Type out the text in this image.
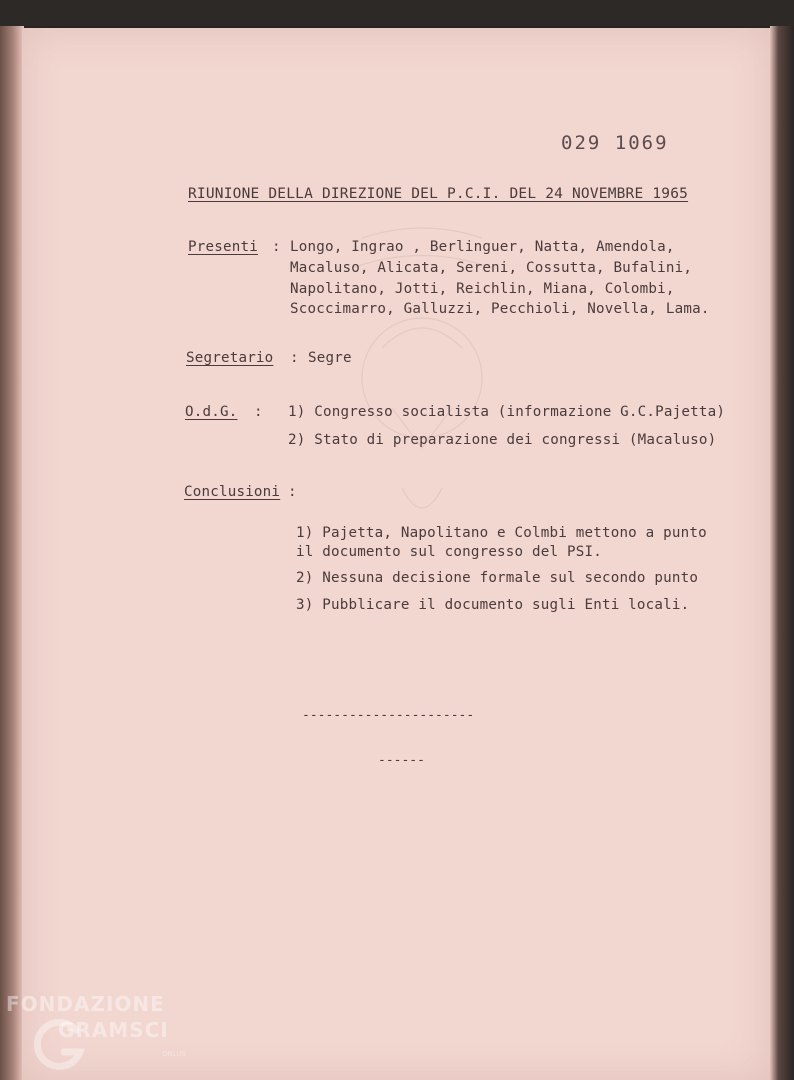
029 1069
RIUNIONE DELLA DIREZIONE DEL P.C.I. DEL 24 NOVEMBRE 1965
Presenti : Longo, Ingrao , Berlinguer, Natta, Amendola,
Macaluso, Alicata, Sereni, Cossutta, Bufalini,
Napolitano, Jotti, Reichlin, Miana, Colombi,
Scoccimarro, Galluzzi, Pecchioli, Novella, Lama.
Segretario : Segre
O.d.G. : 1) Congresso socialista (informazione G.C.Pajetta)
2) Stato di preparazione dei congressi (Macaluso)
Conclusioni :
1) Pajetta, Napolitano e Colmbi mettono a punto
il documento sul congresso del PSI.
2) Nessuna decisione formale sul secondo punto
3) Pubblicare il documento sugli Enti locali.
----------------------
------
FONDAZIONE
GRAMSCI
ONLUS
